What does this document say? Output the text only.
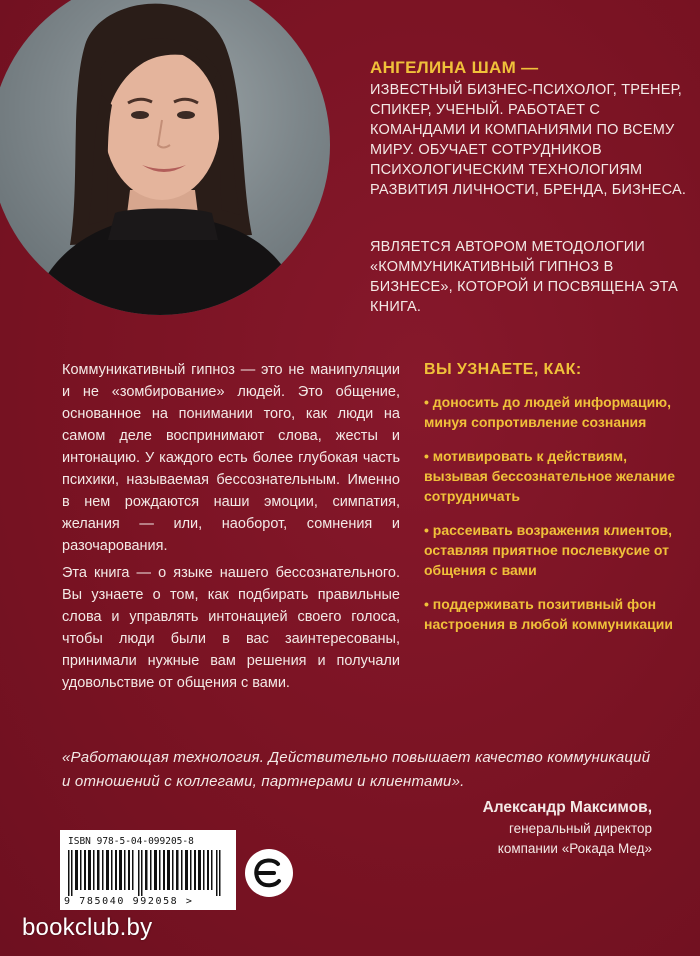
АНГЕЛИНА ШАМ —
ИЗВЕСТНЫЙ БИЗНЕС-ПСИХОЛОГ, ТРЕНЕР, СПИКЕР, УЧЕНЫЙ. РАБОТАЕТ С КОМАНДАМИ И КОМПАНИЯМИ ПО ВСЕМУ МИРУ. ОБУЧАЕТ СОТРУДНИКОВ ПСИХОЛОГИЧЕСКИМ ТЕХНОЛОГИЯМ РАЗВИТИЯ ЛИЧНОСТИ, БРЕНДА, БИЗНЕСА.
ЯВЛЯЕТСЯ АВТОРОМ МЕТОДОЛОГИИ «КОММУНИКАТИВНЫЙ ГИПНОЗ В БИЗНЕСЕ», КОТОРОЙ И ПОСВЯЩЕНА ЭТА КНИГА.

Коммуникативный гипноз — это не манипуляции и не «зомбирование» людей. Это общение, основанное на понимании того, как люди на самом деле воспринимают слова, жесты и интонацию. У каждого есть более глубокая часть психики, называемая бессознательным. Именно в нем рождаются наши эмоции, симпатия, желания — или, наоборот, сомнения и разочарования.

Эта книга — о языке нашего бессознательного. Вы узнаете о том, как подбирать правильные слова и управлять интонацией своего голоса, чтобы люди были в вас заинтересованы, принимали нужные вам решения и получали удовольствие от общения с вами.

ВЫ УЗНАЕТЕ, КАК:
• доносить до людей информацию, минуя сопротивление сознания
• мотивировать к действиям, вызывая бессознательное желание сотрудничать
• рассеивать возражения клиентов, оставляя приятное послевкусие от общения с вами
• поддерживать позитивный фон настроения в любой коммуникации
«Работающая технология. Действительно повышает качество коммуникаций и отношений с коллегами, партнерами и клиентами».
Александр Максимов,
генеральный директор
компании «Рокада Мед»
ISBN 978-5-04-099205-8
9 785040 992058 >
bookclub.by
